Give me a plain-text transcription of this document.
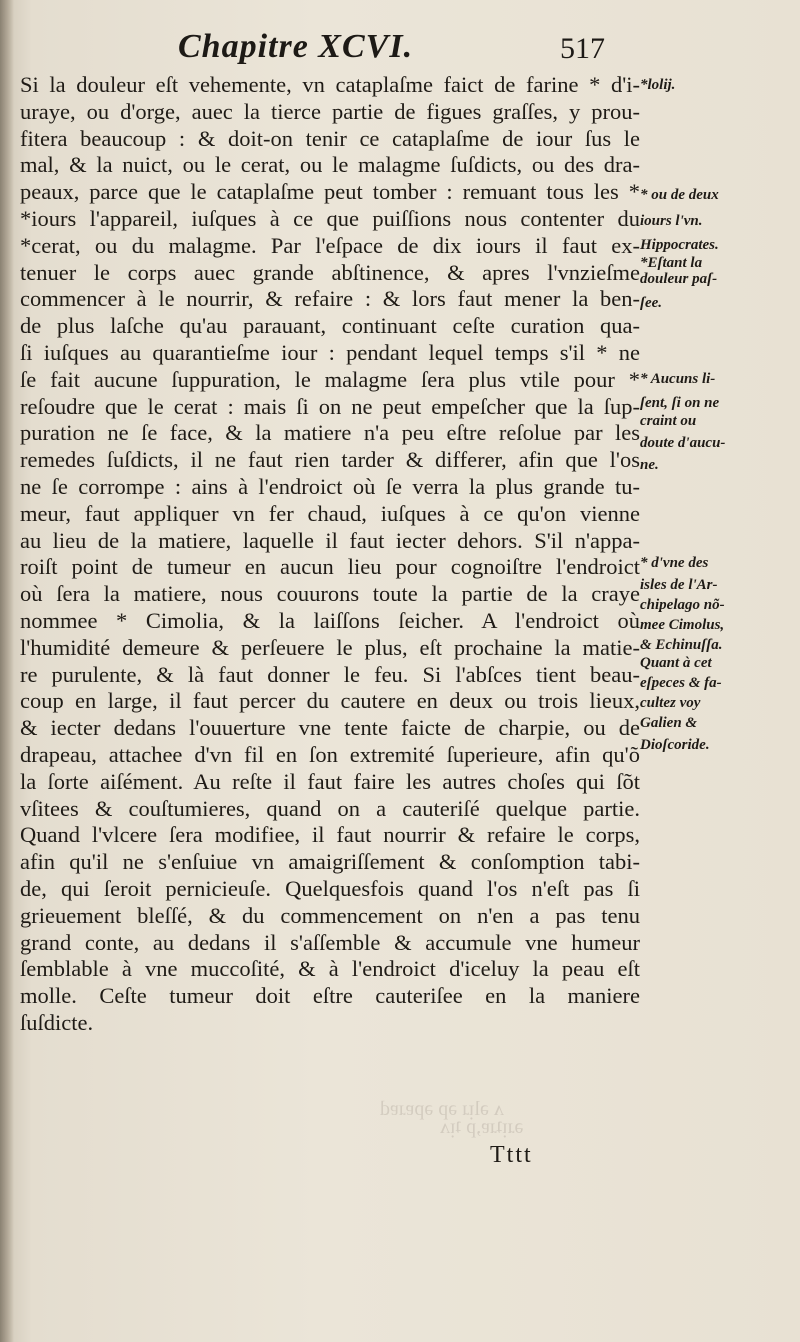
ᴧ ǝlᴉɹ ǝp ǝpɐɹɐd
ǝɹᴉʇɹɐ,p ʇᴉʌ
Chapitre XCVI.	517
Si la douleur eſt vehemente, vn cataplaſme faict de farine * d'i-
uraye, ou d'orge, auec la tierce partie de figues graſſes, y prou-
fitera beaucoup : & doit-on tenir ce cataplaſme de iour ſus le
mal, & la nuict, ou le cerat, ou le malagme ſuſdicts, ou des dra-
peaux, parce que le cataplaſme peut tomber : remuant tous les *
*iours l'appareil, iuſques à ce que puiſſions nous contenter du
*cerat, ou du malagme. Par l'eſpace de dix iours il faut ex-
tenuer le corps auec grande abſtinence, & apres l'vnzieſme
commencer à le nourrir, & refaire : & lors faut mener la ben-
de plus laſche qu'au parauant, continuant ceſte curation qua-
ſi iuſques au quarantieſme iour : pendant lequel temps s'il * ne
ſe fait aucune ſuppuration, le malagme ſera plus vtile pour *
reſoudre que le cerat : mais ſi on ne peut empeſcher que la ſup-
puration ne ſe face, & la matiere n'a peu eſtre reſolue par les
remedes ſuſdicts, il ne faut rien tarder & differer, afin que l'os
ne ſe corrompe : ains à l'endroict où ſe verra la plus grande tu-
meur, faut appliquer vn fer chaud, iuſques à ce qu'on vienne
au lieu de la matiere, laquelle il faut iecter dehors. S'il n'appa-
roiſt point de tumeur en aucun lieu pour cognoiſtre l'endroict
où ſera la matiere, nous couurons toute la partie de la craye
nommee * Cimolia, & la laiſſons ſeicher. A l'endroict où
l'humidité demeure & perſeuere le plus, eſt prochaine la matie-
re purulente, & là faut donner le feu. Si l'abſces tient beau-
coup en large, il faut percer du cautere en deux ou trois lieux,
& iecter dedans l'ouuerture vne tente faicte de charpie, ou de
drapeau, attachee d'vn fil en ſon extremité ſuperieure, afin qu'õ
la ſorte aiſément. Au reſte il faut faire les autres choſes qui ſõt
vſitees & couſtumieres, quand on a cauteriſé quelque partie.
Quand l'vlcere ſera modifiee, il faut nourrir & refaire le corps,
afin qu'il ne s'enſuiue vn amaigriſſement & conſomption tabi-
de, qui ſeroit pernicieuſe. Quelquesfois quand l'os n'eſt pas ſi
grieuement bleſſé, & du commencement on n'en a pas tenu
grand conte, au dedans il s'aſſemble & accumule vne humeur
ſemblable à vne muccoſité, & à l'endroict d'iceluy la peau eſt
molle. Ceſte tumeur doit eſtre cauteriſee en la maniere
ſuſdicte.
*lolij.
* ou de deux
iours l'vn.
Hippocrates.
*Eſtant la
douleur paſ-
ſee.
* Aucuns li-
ſent, ſi on ne
craint ou
doute d'aucu-
ne.
* d'vne des
isles de l'Ar-
chipelago nõ-
mee Cimolus,
& Echinuſſa.
Quant à cet
eſpeces & fa-
cultez voy
Galien &
Dioſcoride.
Tttt
